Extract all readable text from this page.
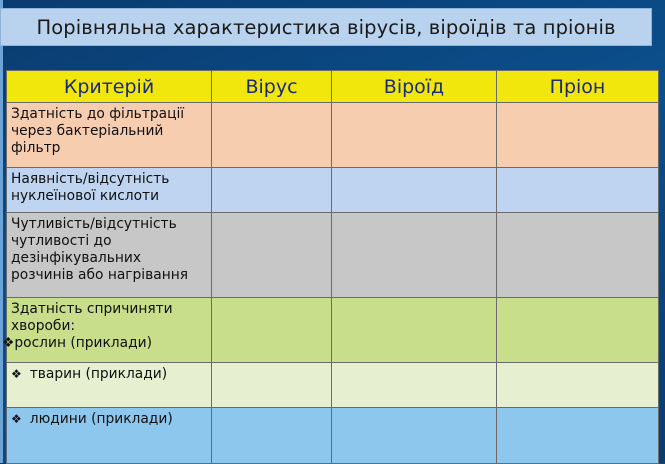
Порівняльна характеристика вірусів, віроїдів та пріонів
Критерій	Вірус	Віроїд	Пріон
Здатність до фільтрації через бактеріальний фільтр			
Наявність/відсутність нуклеїнової кислоти			
Чутливість/відсутність чутливості до дезінфікувальних розчинів або нагрівання			

Здатність спричиняти хвороби:
❖рослин (приклади)			

❖ тварин (приклади)			
❖ людини (приклади)			
